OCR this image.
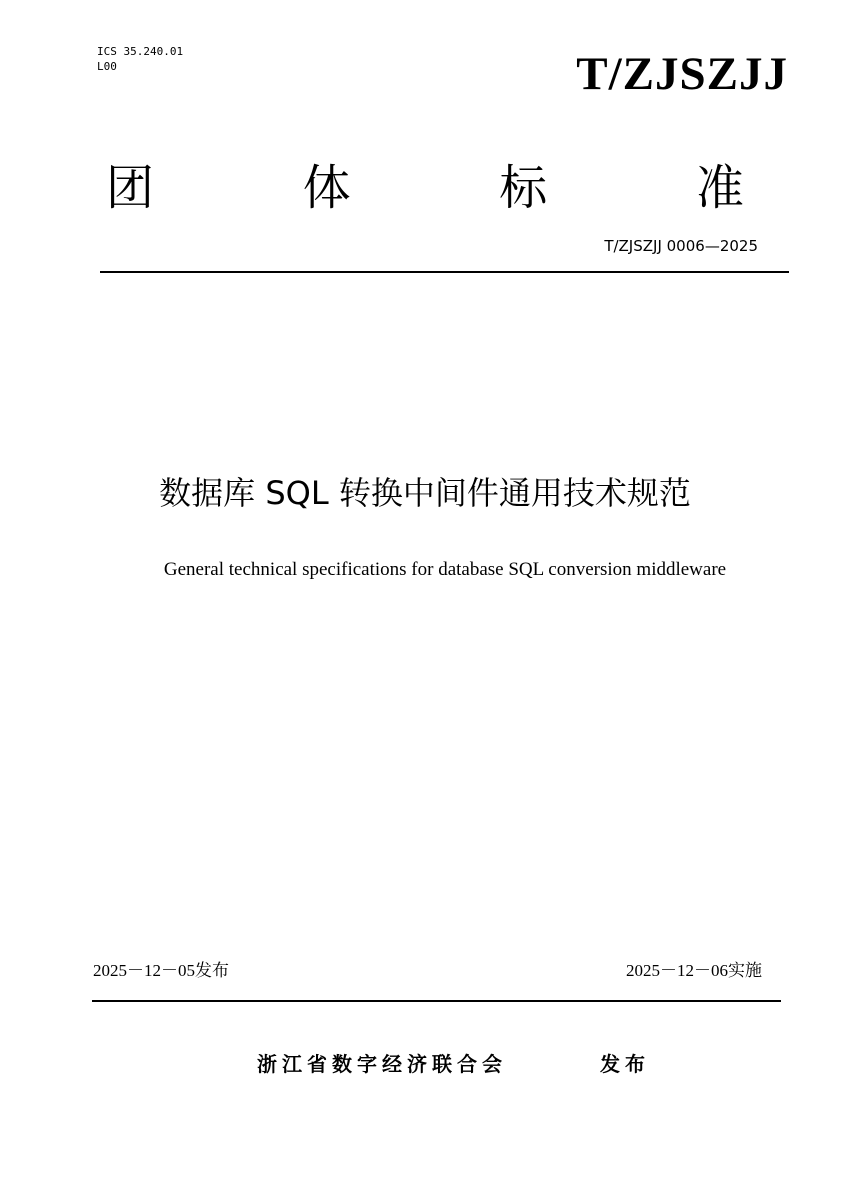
ICS 35.240.01
L00	T/ZJSZJJ
团	体	标	准
T/ZJSZJJ 0006—2025
数据库 SQL 转换中间件通用技术规范
General technical specifications for database SQL conversion middleware
2025－12－05发布	2025－12－06实施
浙江省数字经济联合会	发布
